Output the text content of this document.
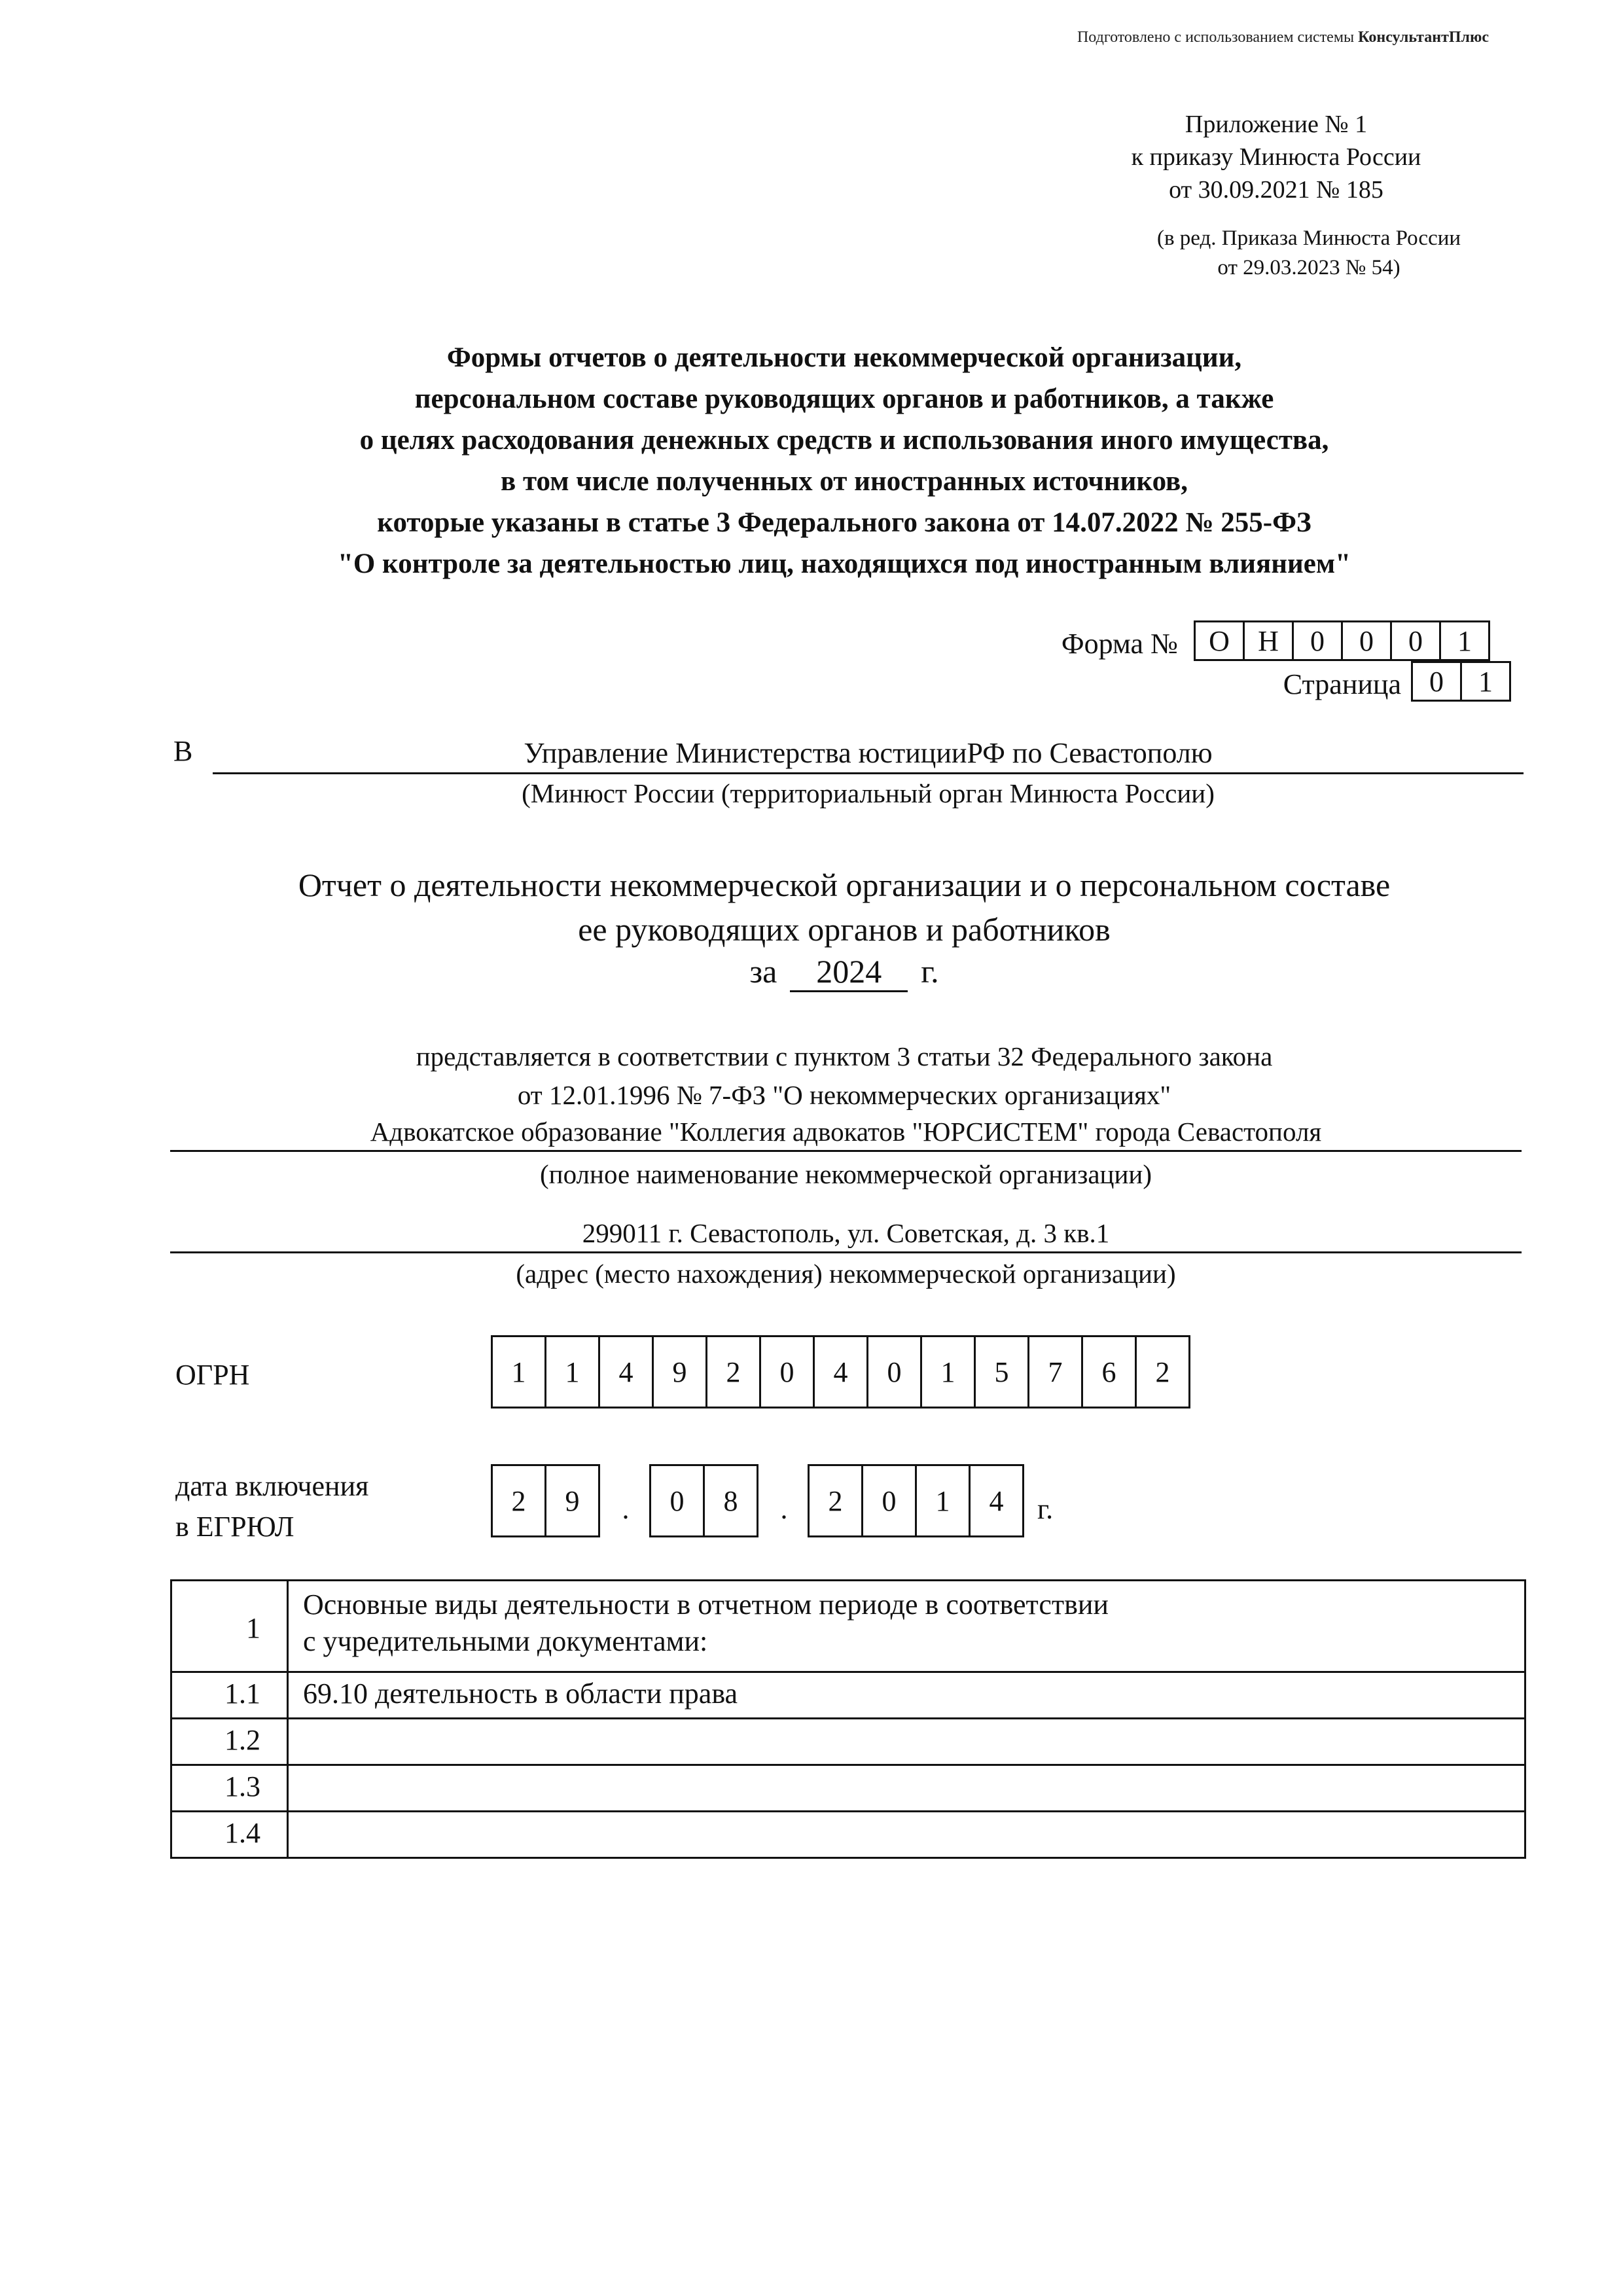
Подготовлено с использованием системы КонсультантПлюс
Приложение № 1
к приказу Минюста России
от 30.09.2021 № 185
(в ред. Приказа Минюста России
от 29.03.2023 № 54)
Формы отчетов о деятельности некоммерческой организации,
персональном составе руководящих органов и работников, а также
о целях расходования денежных средств и использования иного имущества,
в том числе полученных от иностранных источников,
которые указаны в статье 3 Федерального закона от 14.07.2022 № 255-ФЗ
"О контроле за деятельностью лиц, находящихся под иностранным влиянием"
Форма №	О Н	0	0	0	1
Страница 0	1
В	Управление Министерства юстицииРФ по Севастополю
(Минюст России (территориальный орган Минюста России)
Отчет о деятельности некоммерческой организации и о персональном составе
ее руководящих органов и работников
за 2024 г.
представляется в соответствии с пунктом 3 статьи 32 Федерального закона
от 12.01.1996 № 7-ФЗ "О некоммерческих организациях"
Адвокатское образование "Коллегия адвокатов "ЮРСИСТЕМ" города Севастополя
(полное наименование некоммерческой организации)
299011 г. Севастополь, ул. Советская, д. 3 кв.1
(адрес (место нахождения) некоммерческой организации)
ОГРН	1	1	4	9	2	0	4	0	1	5	7	6	2
дата включения
в ЕГРЮЛ
2	9	.	0	8	.	2	0	1	4	г.
1	Основные виды деятельности в отчетном периоде в соответствии
с учредительными документами:

1.1	69.10 деятельность в области права
1.2	
1.3	
1.4	
